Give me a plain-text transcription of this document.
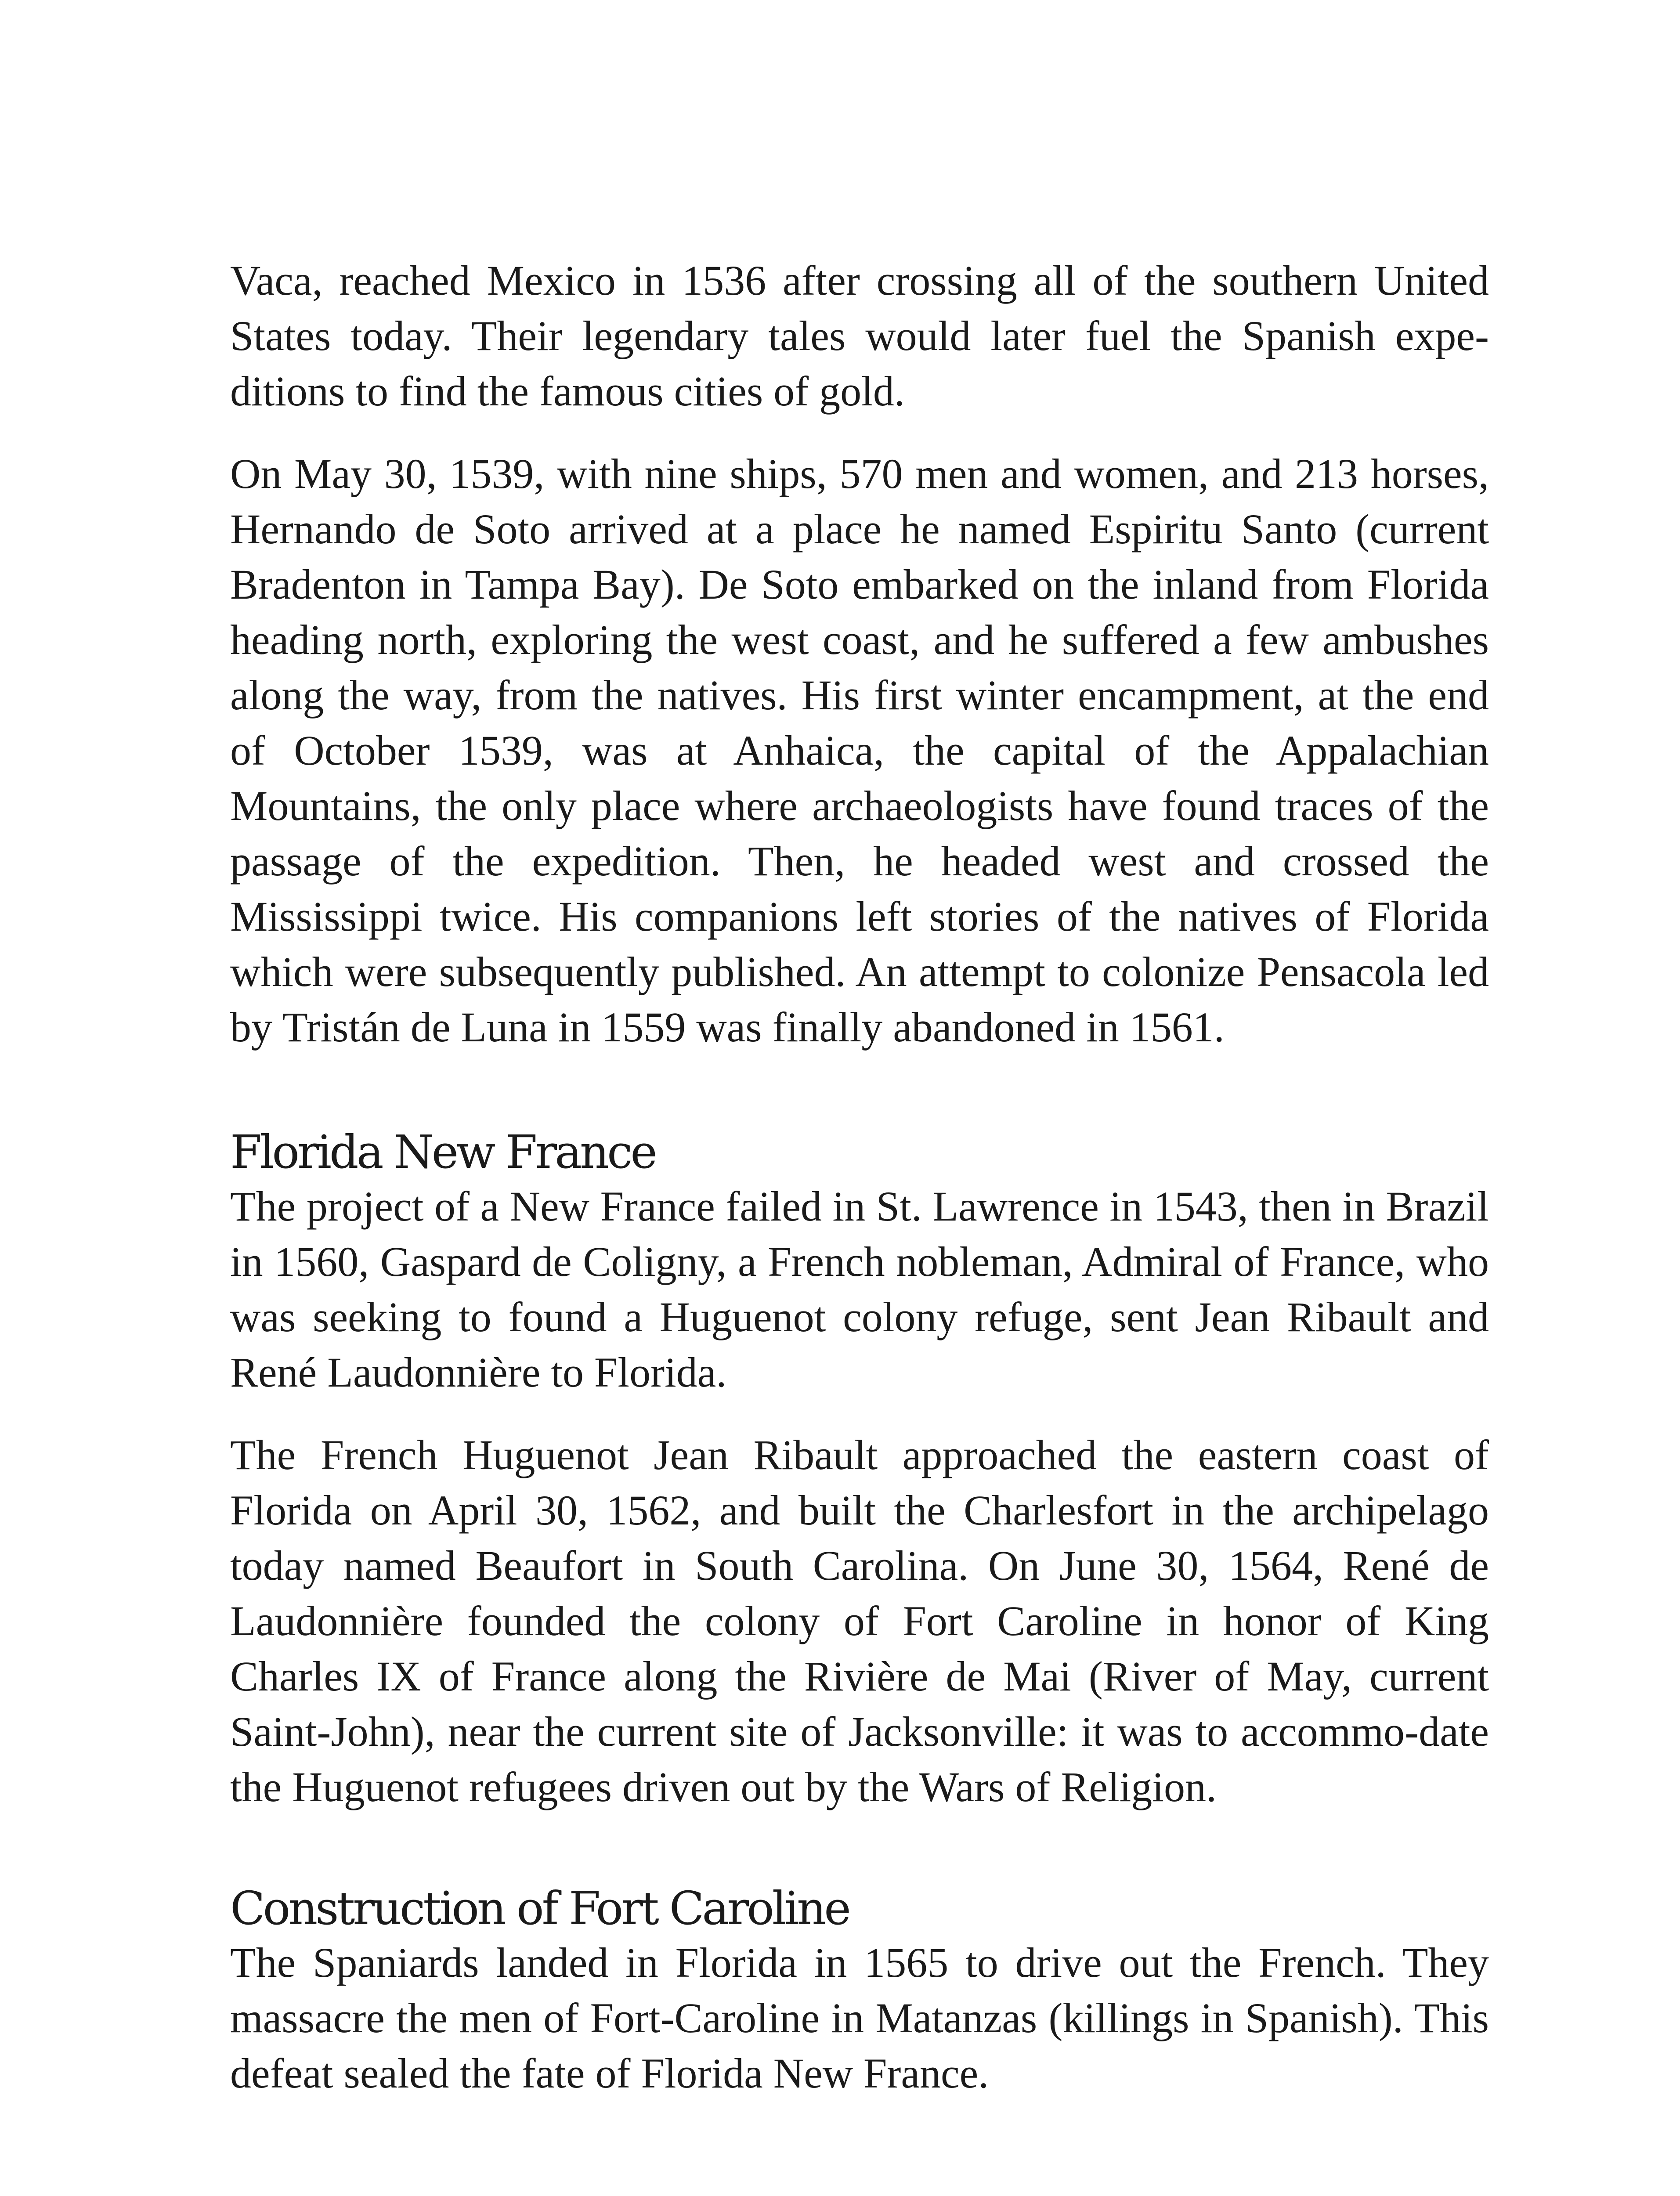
Vaca, reached Mexico in 1536 after crossing all of the southern United States today. Their legendary tales would later fuel the Spanish expe-ditions to find the famous cities of gold.

On May 30, 1539, with nine ships, 570 men and women, and 213 horses, Hernando de Soto arrived at a place he named Espiritu Santo (current Bradenton in Tampa Bay). De Soto embarked on the inland from Florida heading north, exploring the west coast, and he suffered a few ambushes along the way, from the natives. His first winter encampment, at the end of October 1539, was at Anhaica, the capital of the Appalachian Mountains, the only place where archaeologists have found traces of the passage of the expedition. Then, he headed west and crossed the Mississippi twice. His companions left stories of the natives of Florida which were subsequently published. An attempt to colonize Pensacola led by Tristán de Luna in 1559 was finally abandoned in 1561.

Florida New France

The project of a New France failed in St. Lawrence in 1543, then in Brazil in 1560, Gaspard de Coligny, a French nobleman, Admiral of France, who was seeking to found a Huguenot colony refuge, sent Jean Ribault and René Laudonnière to Florida.

The French Huguenot Jean Ribault approached the eastern coast of Florida on April 30, 1562, and built the Charlesfort in the archipelago today named Beaufort in South Carolina. On June 30, 1564, René de Laudonnière founded the colony of Fort Caroline in honor of King Charles IX of France along the Rivière de Mai (River of May, current Saint-John), near the current site of Jacksonville: it was to accommo-date the Huguenot refugees driven out by the Wars of Religion.

Construction of Fort Caroline

The Spaniards landed in Florida in 1565 to drive out the French. They massacre the men of Fort-Caroline in Matanzas (killings in Spanish). This defeat sealed the fate of Florida New France.
